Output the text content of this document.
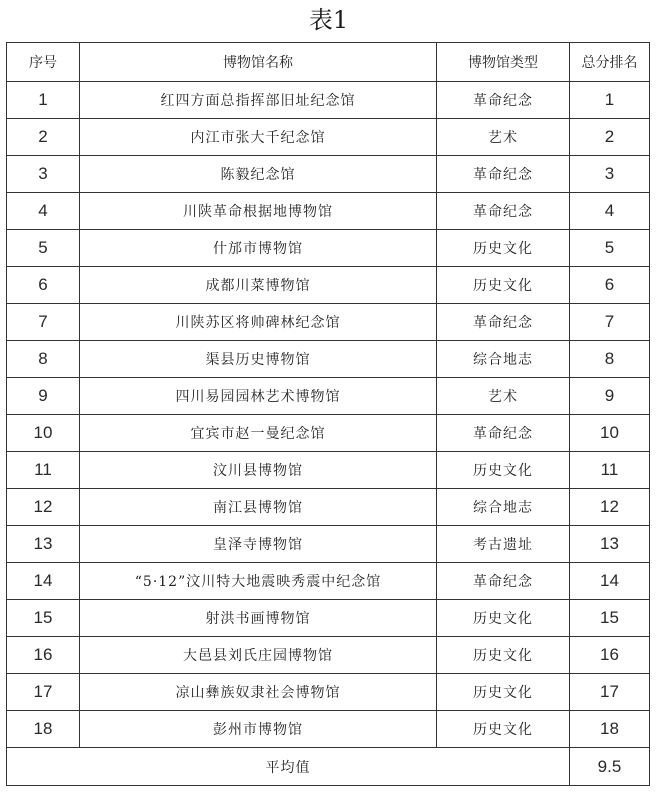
表1
序号	博物馆名称	博物馆类型	总分排名
1	红四方面总指挥部旧址纪念馆	革命纪念	1
2	内江市张大千纪念馆	艺术	2
3	陈毅纪念馆	革命纪念	3
4	川陕革命根据地博物馆	革命纪念	4
5	什邡市博物馆	历史文化	5
6	成都川菜博物馆	历史文化	6
7	川陕苏区将帅碑林纪念馆	革命纪念	7
8	渠县历史博物馆	综合地志	8
9	四川易园园林艺术博物馆	艺术	9
10	宜宾市赵一曼纪念馆	革命纪念	10
11	汶川县博物馆	历史文化	11
12	南江县博物馆	综合地志	12
13	皇泽寺博物馆	考古遗址	13
14	“5·12”汶川特大地震映秀震中纪念馆	革命纪念	14
15	射洪书画博物馆	历史文化	15
16	大邑县刘氏庄园博物馆	历史文化	16
17	凉山彝族奴隶社会博物馆	历史文化	17
18	彭州市博物馆	历史文化	18
平均值			9.5
